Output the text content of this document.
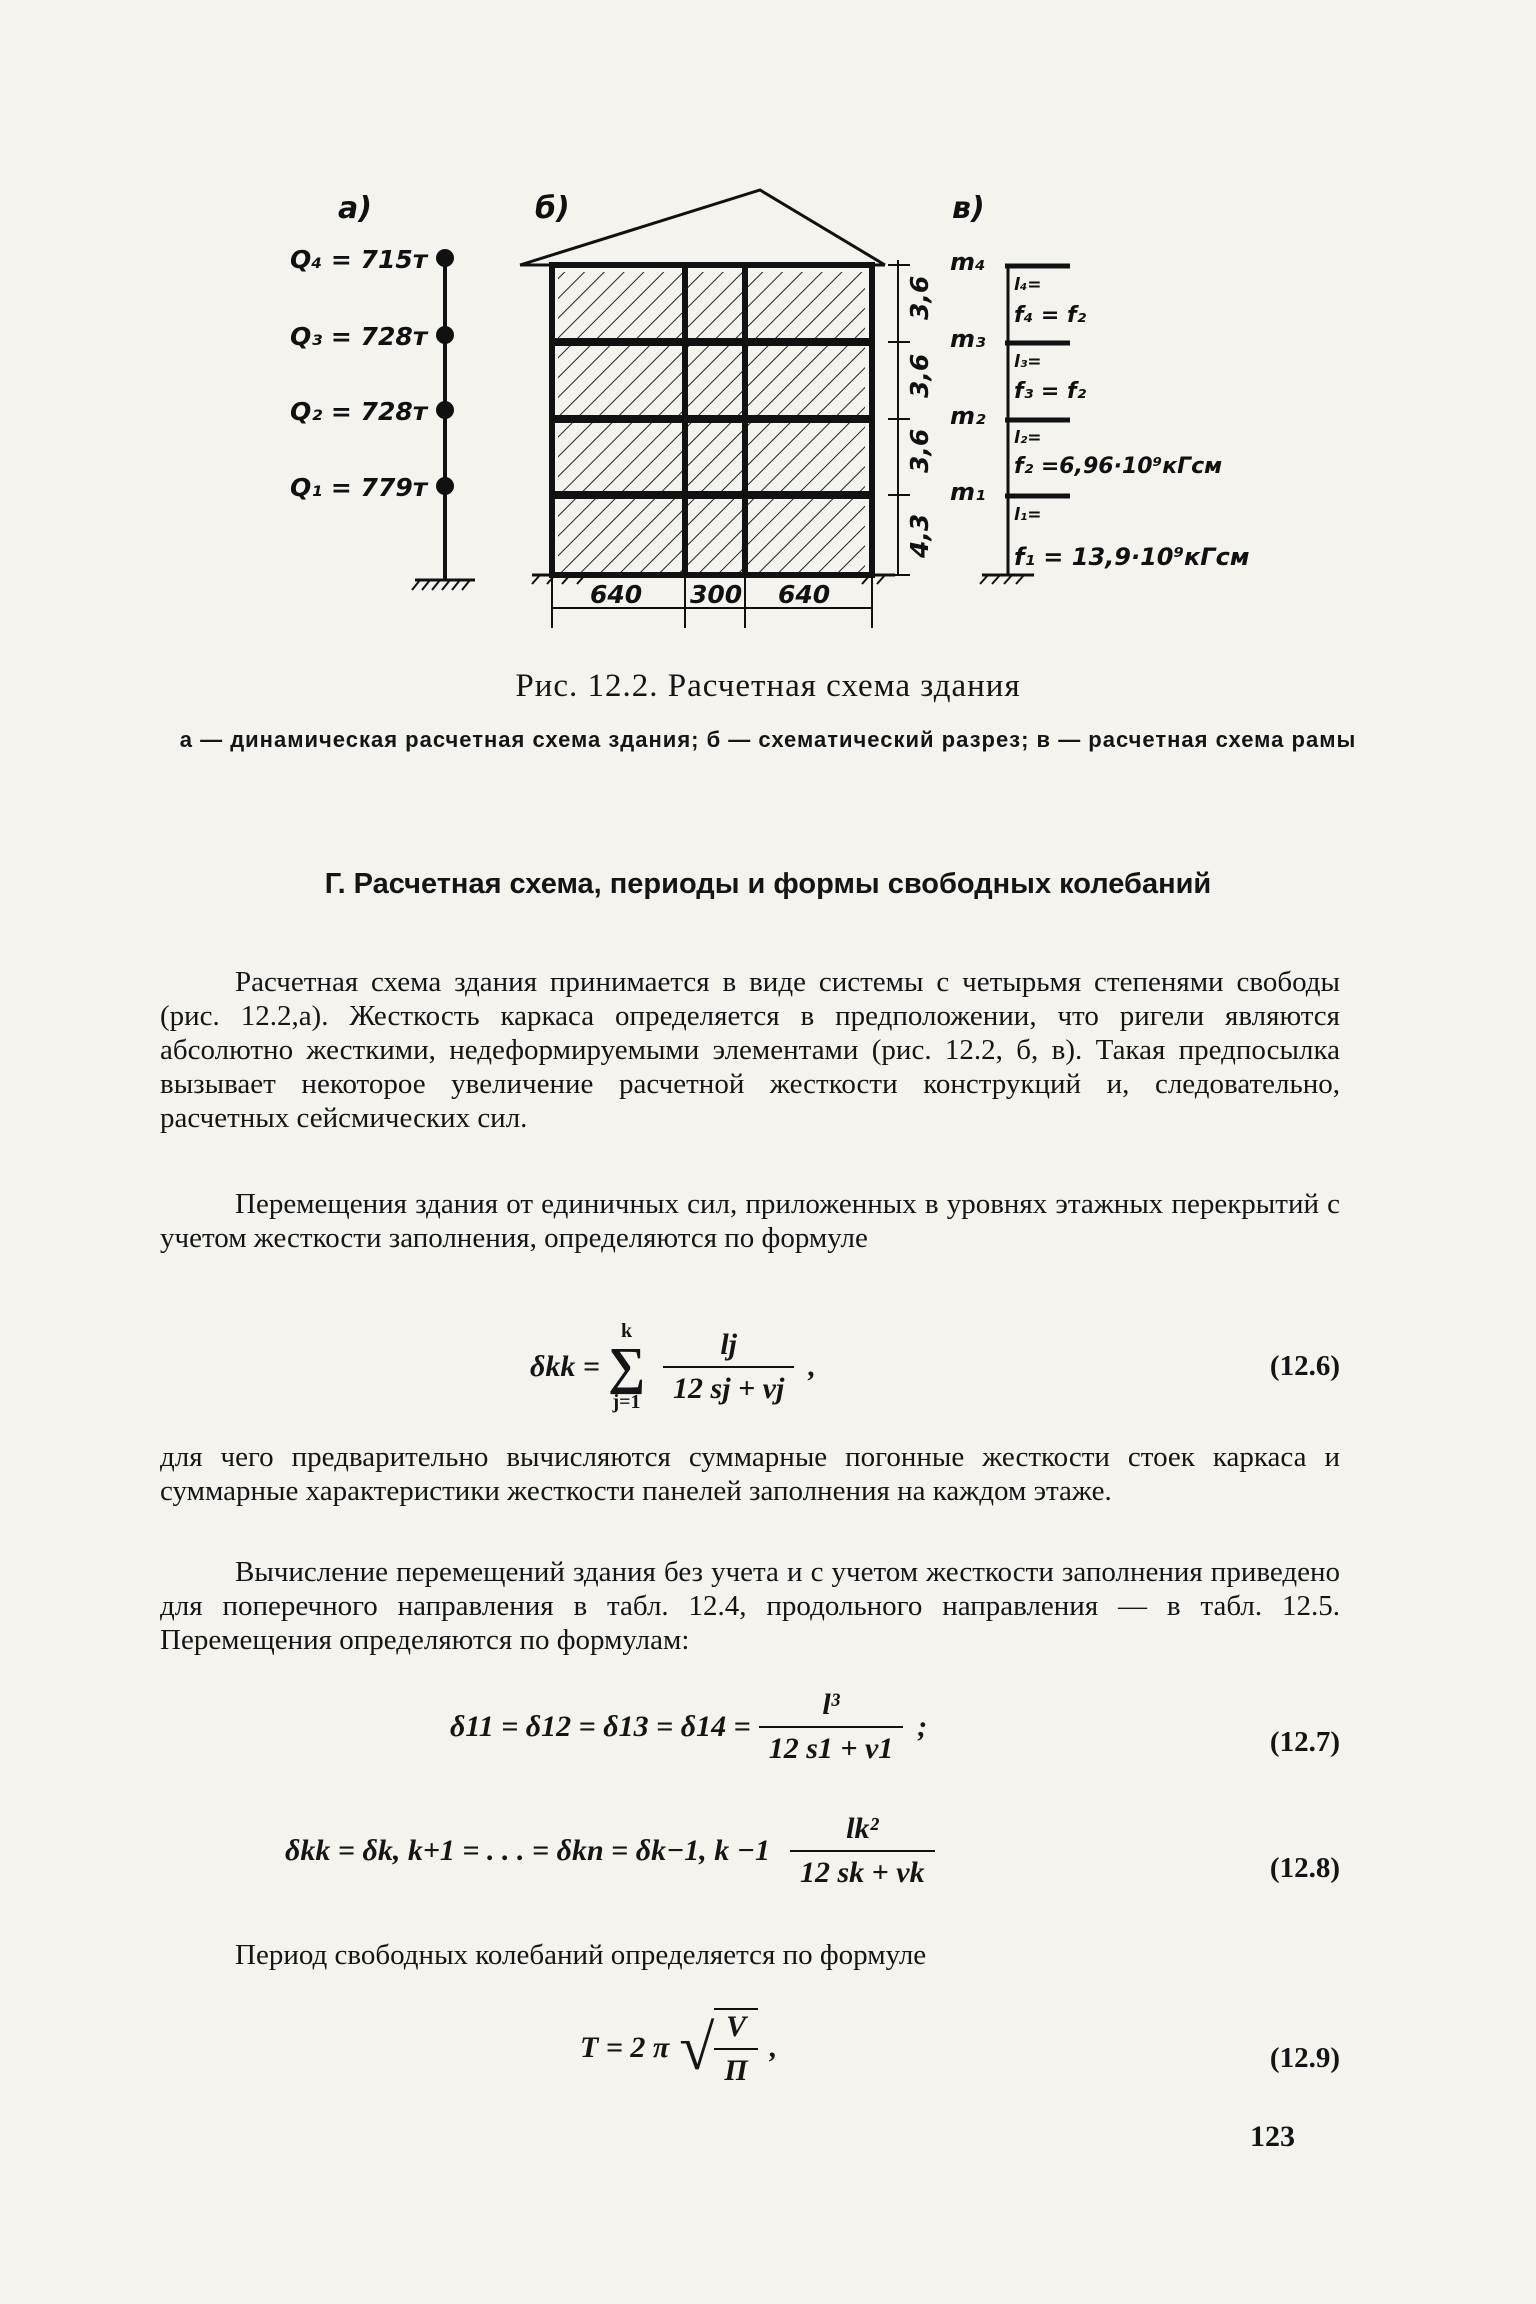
а)	б)	в)
Q₄ = 715т
Q₃ = 728т
Q₂ = 728т
Q₁ = 779т
640 300 640
3,6
3,6
3,6
4,3
m₄
m₃
m₂
m₁
l₄=
f₄ = f₂
l₃=
f₃ = f₂
l₂=
f₂ =6,96·10⁹кГсм
l₁=
f₁ = 13,9·10⁹кГсм
Рис. 12.2. Расчетная схема здания
а — динамическая расчетная схема здания; б — схематический разрез; в — расчетная схема рамы
Г. Расчетная схема, периоды и формы свободных колебаний
Расчетная схема здания принимается в виде системы с четырьмя степенями свободы (рис. 12.2,а). Жесткость каркаса определяется в предположении, что ригели являются абсолютно жесткими, недеформируемыми элементами (рис. 12.2, б, в). Такая предпосылка вызывает некоторое увеличение расчетной жесткости конструкций и, следовательно, расчетных сейсмических сил.
Перемещения здания от единичных сил, приложенных в уровнях этажных перекрытий с учетом жесткости заполнения, определяются по формуле
δkk =
k
∑
$j=1 \frac{lj}{12 sj + vj}$ ,	(12.6)
для чего предварительно вычисляются суммарные погонные жесткости стоек каркаса и суммарные характеристики жесткости панелей заполнения на каждом этаже.
Вычисление перемещений здания без учета и с учетом жесткости заполнения приведено для поперечного направления в табл. 12.4, продольного направления — в табл. 12.5. Перемещения определяются по формулам:
$\delta 11 = \delta 12 = \delta 13 = \delta 14 = \frac{\text{l³}}{12 s1 + v1}$ ;	(12.7)
δkk = δk, k+1 = . . . = δkn = δk−1, $k -1 \frac{\text{lk²}}{12 sk + vk}$	(12.8)
Период свободных колебаний определяется по формуле
T = 2 π √ $\frac{V}{П}$ ,	(12.9)
123
